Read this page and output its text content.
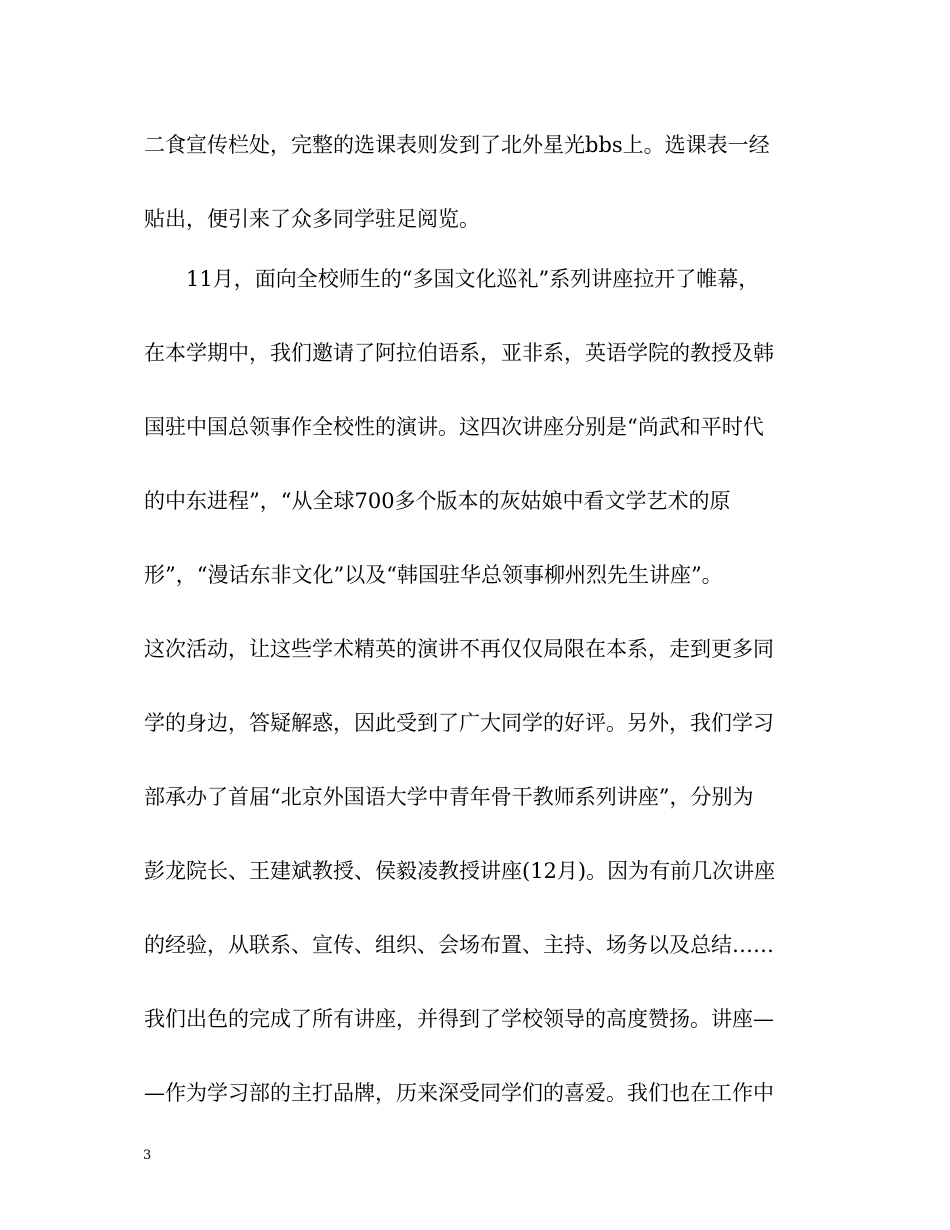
二食宣传栏处，完整的选课表则发到了北外星光bbs上。选课表一经
贴出，便引来了众多同学驻足阅览。
11月，面向全校师生的“多国文化巡礼”系列讲座拉开了帷幕，
在本学期中，我们邀请了阿拉伯语系，亚非系，英语学院的教授及韩
国驻中国总领事作全校性的演讲。这四次讲座分别是“尚武和平时代
的中东进程”，“从全球700多个版本的灰姑娘中看文学艺术的原
形”，“漫话东非文化”以及“韩国驻华总领事柳州烈先生讲座”。
这次活动，让这些学术精英的演讲不再仅仅局限在本系，走到更多同
学的身边，答疑解惑，因此受到了广大同学的好评。另外，我们学习
部承办了首届“北京外国语大学中青年骨干教师系列讲座”，分别为
彭龙院长、王建斌教授、侯毅凌教授讲座(12月)。因为有前几次讲座
的经验，从联系、宣传、组织、会场布置、主持、场务以及总结……
我们出色的完成了所有讲座，并得到了学校领导的高度赞扬。讲座—
—作为学习部的主打品牌，历来深受同学们的喜爱。我们也在工作中
3
